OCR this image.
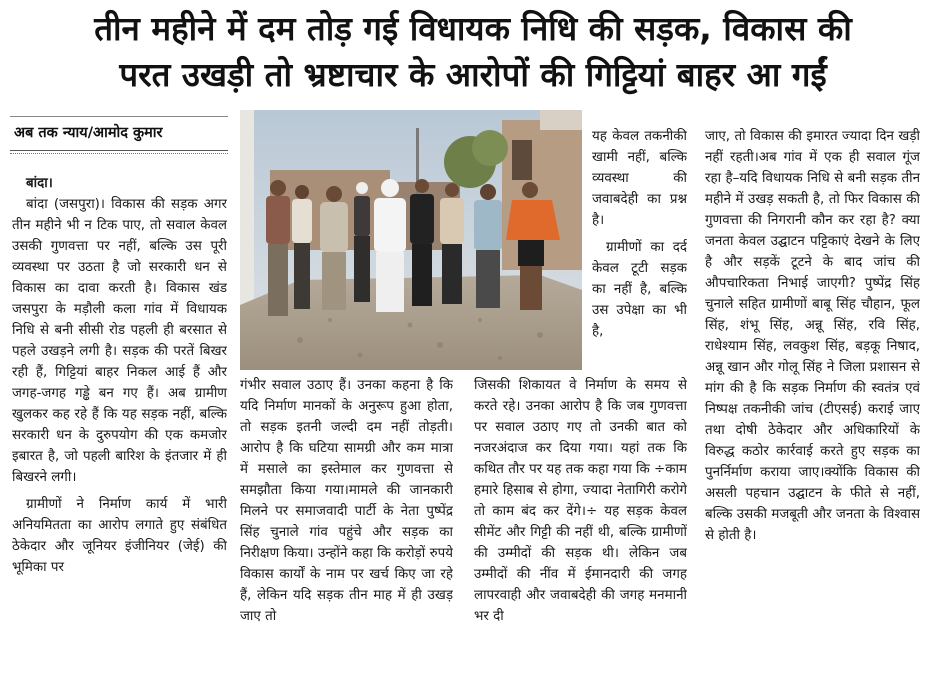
तीन महीने में दम तोड़ गई विधायक निधि की सड़क, विकास की
परत उखड़ी तो भ्रष्टाचार के आरोपों की गिट्टियां बाहर आ गईं
अब तक न्याय/आमोद कुमार
बांदा।

बांदा (जसपुरा)। विकास की सड़क अगर तीन महीने भी न टिक पाए, तो सवाल केवल उसकी गुणवत्ता पर नहीं, बल्कि उस पूरी व्यवस्था पर उठता है जो सरकारी धन से विकास का दावा करती है। विकास खंड जसपुरा के मड़ौली कला गांव में विधायक निधि से बनी सीसी रोड पहली ही बरसात से पहले उखड़ने लगी है। सड़क की परतें बिखर रही हैं, गिट्टियां बाहर निकल आई हैं और जगह-जगह गड्ढे बन गए हैं। अब ग्रामीण खुलकर कह रहे हैं कि यह सड़क नहीं, बल्कि सरकारी धन के दुरुपयोग की एक कमजोर इबारत है, जो पहली बारिश के इंतजार में ही बिखरने लगी।

ग्रामीणों ने निर्माण कार्य में भारी अनियमितता का आरोप लगाते हुए संबंधित ठेकेदार और जूनियर इंजीनियर (जेई) की भूमिका पर

गंभीर सवाल उठाए हैं। उनका कहना है कि यदि निर्माण मानकों के अनुरूप हुआ होता, तो सड़क इतनी जल्दी दम नहीं तोड़ती। आरोप है कि घटिया सामग्री और कम मात्रा में मसाले का इस्तेमाल कर गुणवत्ता से समझौता किया गया।मामले की जानकारी मिलने पर समाजवादी पार्टी के नेता पुष्पेंद्र सिंह चुनाले गांव पहुंचे और सड़क का निरीक्षण किया। उन्होंने कहा कि करोड़ों रुपये विकास कार्यों के नाम पर खर्च किए जा रहे हैं, लेकिन यदि सड़क तीन माह में ही उखड़ जाए तो

यह केवल तकनीकी खामी नहीं, बल्कि व्यवस्था की जवाबदेही का प्रश्न है।

ग्रामीणों का दर्द केवल टूटी सड़क का नहीं है, बल्कि उस उपेक्षा का भी है,

जिसकी शिकायत वे निर्माण के समय से करते रहे। उनका आरोप है कि जब गुणवत्ता पर सवाल उठाए गए तो उनकी बात को नजरअंदाज कर दिया गया। यहां तक कि कथित तौर पर यह तक कहा गया कि ÷काम हमारे हिसाब से होगा, ज्यादा नेतागिरी करोगे तो काम बंद कर देंगे।÷ यह सड़क केवल सीमेंट और गिट्टी की नहीं थी, बल्कि ग्रामीणों की उम्मीदों की सड़क थी। लेकिन जब उम्मीदों की नींव में ईमानदारी की जगह लापरवाही और जवाबदेही की जगह मनमानी भर दी

जाए, तो विकास की इमारत ज्यादा दिन खड़ी नहीं रहती।अब गांव में एक ही सवाल गूंज रहा है–यदि विधायक निधि से बनी सड़क तीन महीने में उखड़ सकती है, तो फिर विकास की गुणवत्ता की निगरानी कौन कर रहा है? क्या जनता केवल उद्घाटन पट्टिकाएं देखने के लिए है और सड़कें टूटने के बाद जांच की औपचारिकता निभाई जाएगी? पुष्पेंद्र सिंह चुनाले सहित ग्रामीणों बाबू सिंह चौहान, फूल सिंह, शंभू सिंह, अन्नू सिंह, रवि सिंह, राधेश्याम सिंह, लवकुश सिंह, बड़कू निषाद, अन्नू खान और गोलू सिंह ने जिला प्रशासन से मांग की है कि सड़क निर्माण की स्वतंत्र एवं निष्पक्ष तकनीकी जांच (टीएसई) कराई जाए तथा दोषी ठेकेदार और अधिकारियों के विरुद्ध कठोर कार्रवाई करते हुए सड़क का पुनर्निर्माण कराया जाए।क्योंकि विकास की असली पहचान उद्घाटन के फीते से नहीं, बल्कि उसकी मजबूती और जनता के विश्वास से होती है।
